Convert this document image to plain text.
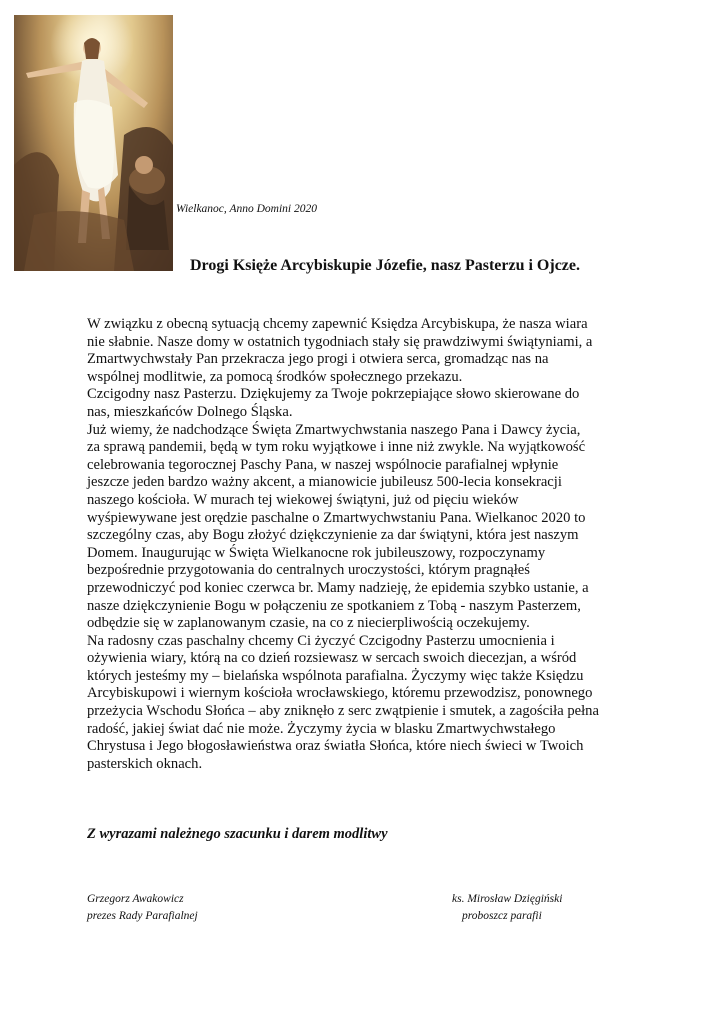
Wielkanoc, Anno Domini 2020
Drogi Księże Arcybiskupie Józefie, nasz Pasterzu i Ojcze.
W związku z obecną sytuacją chcemy zapewnić Księdza Arcybiskupa, że nasza wiara
nie słabnie. Nasze domy w ostatnich tygodniach stały się prawdziwymi świątyniami, a
Zmartwychwstały Pan przekracza jego progi i otwiera serca, gromadząc nas na
wspólnej modlitwie, za pomocą środków społecznego przekazu.
Czcigodny nasz Pasterzu. Dziękujemy za Twoje pokrzepiające słowo skierowane do
nas, mieszkańców Dolnego Śląska.
Już wiemy, że nadchodzące Święta Zmartwychwstania naszego Pana i Dawcy życia,
za sprawą pandemii, będą w tym roku wyjątkowe i inne niż zwykle. Na wyjątkowość
celebrowania tegorocznej Paschy Pana, w naszej wspólnocie parafialnej wpłynie
jeszcze jeden bardzo ważny akcent, a mianowicie jubileusz 500-lecia konsekracji
naszego kościoła. W murach tej wiekowej świątyni, już od pięciu wieków
wyśpiewywane jest orędzie paschalne o Zmartwychwstaniu Pana. Wielkanoc 2020 to
szczególny czas, aby Bogu złożyć dziękczynienie za dar świątyni, która jest naszym
Domem. Inaugurując w Święta Wielkanocne rok jubileuszowy, rozpoczynamy
bezpośrednie przygotowania do centralnych uroczystości, którym pragnąłeś
przewodniczyć pod koniec czerwca br. Mamy nadzieję, że epidemia szybko ustanie, a
nasze dziękczynienie Bogu w połączeniu ze spotkaniem z Tobą - naszym Pasterzem,
odbędzie się w zaplanowanym czasie, na co z niecierpliwością oczekujemy.
Na radosny czas paschalny chcemy Ci życzyć Czcigodny Pasterzu umocnienia i
ożywienia wiary, którą na co dzień rozsiewasz w sercach swoich diecezjan, a wśród
których jesteśmy my – bielańska wspólnota parafialna. Życzymy więc także Księdzu
Arcybiskupowi i wiernym kościoła wrocławskiego, któremu przewodzisz, ponownego
przeżycia Wschodu Słońca – aby zniknęło z serc zwątpienie i smutek, a zagościła pełna
radość, jakiej świat dać nie może. Życzymy życia w blasku Zmartwychwstałego
Chrystusa i Jego błogosławieństwa oraz światła Słońca, które niech świeci w Twoich
pasterskich oknach.
Z wyrazami należnego szacunku i darem modlitwy
Grzegorz Awakowicz
prezes Rady Parafialnej
ks. Mirosław Dzięgiński
proboszcz parafii
